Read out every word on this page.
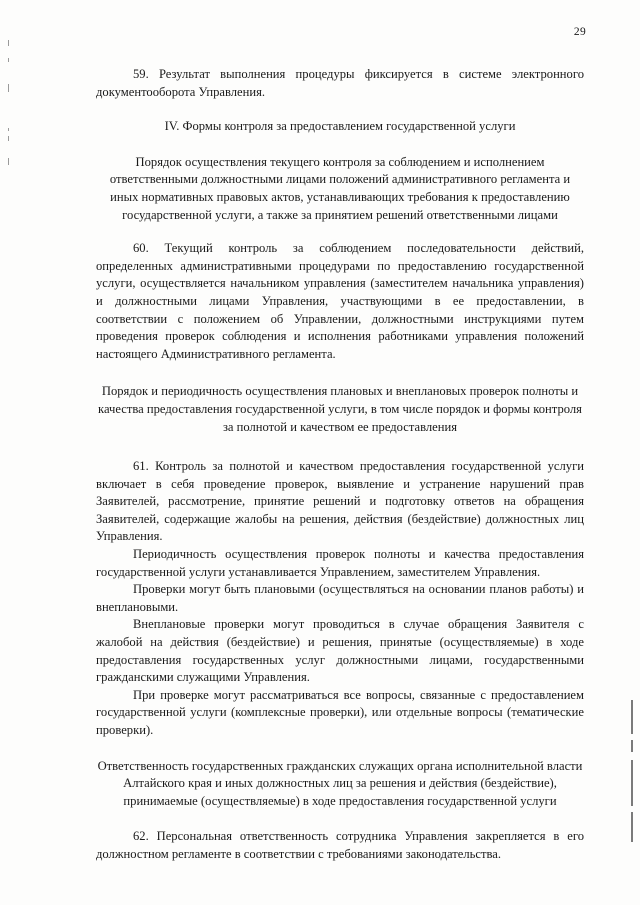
29

59. Результат выполнения процедуры фиксируется в системе электронного документооборота Управления.

IV. Формы контроля за предоставлением государственной услуги

Порядок осуществления текущего контроля за соблюдением и исполнением ответственными должностными лицами положений административного регламента и иных нормативных правовых актов, устанавливающих требования к предоставлению государственной услуги, а также за принятием решений ответственными лицами

60. Текущий контроль за соблюдением последовательности действий, определенных административными процедурами по предоставлению государственной услуги, осуществляется начальником управления (заместителем начальника управления) и должностными лицами Управления, участвующими в ее предоставлении, в соответствии с положением об Управлении, должностными инструкциями путем проведения проверок соблюдения и исполнения работниками управления положений настоящего Административного регламента.

Порядок и периодичность осуществления плановых и внеплановых проверок полноты и качества предоставления государственной услуги, в том числе порядок и формы контроля за полнотой и качеством ее предоставления

61. Контроль за полнотой и качеством предоставления государственной услуги включает в себя проведение проверок, выявление и устранение нарушений прав Заявителей, рассмотрение, принятие решений и подготовку ответов на обращения Заявителей, содержащие жалобы на решения, действия (бездействие) должностных лиц Управления.

Периодичность осуществления проверок полноты и качества предоставления государственной услуги устанавливается Управлением, заместителем Управления.

Проверки могут быть плановыми (осуществляться на основании планов работы) и внеплановыми.

Внеплановые проверки могут проводиться в случае обращения Заявителя с жалобой на действия (бездействие) и решения, принятые (осуществляемые) в ходе предоставления государственных услуг должностными лицами, государственными гражданскими служащими Управления.

При проверке могут рассматриваться все вопросы, связанные с предоставлением государственной услуги (комплексные проверки), или отдельные вопросы (тематические проверки).

Ответственность государственных гражданских служащих органа исполнительной власти Алтайского края и иных должностных лиц за решения и действия (бездействие), принимаемые (осуществляемые) в ходе предоставления государственной услуги

62. Персональная ответственность сотрудника Управления закрепляется в его должностном регламенте в соответствии с требованиями законодательства.
